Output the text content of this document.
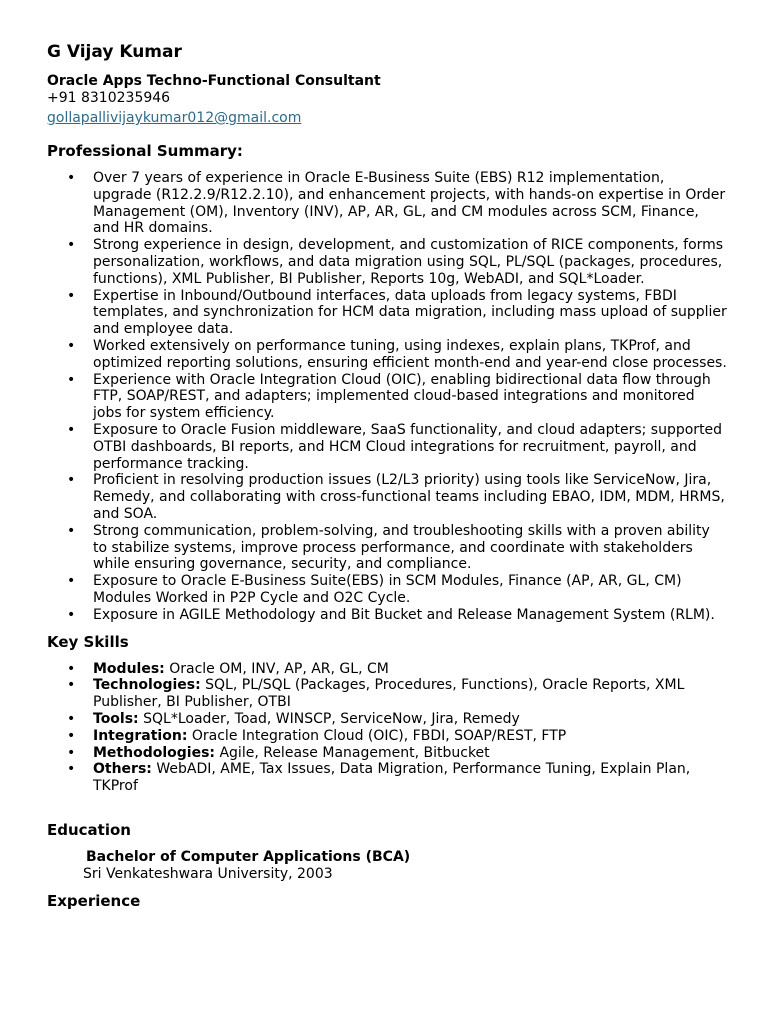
G Vijay Kumar
Oracle Apps Techno-Functional Consultant
+91 8310235946
gollapallivijaykumar012@gmail.com
Professional Summary:
• Over 7 years of experience in Oracle E-Business Suite (EBS) R12 implementation, upgrade (R12.2.9/R12.2.10), and enhancement projects, with hands-on expertise in Order Management (OM), Inventory (INV), AP, AR, GL, and CM modules across SCM, Finance, and HR domains.
• Strong experience in design, development, and customization of RICE components, forms personalization, workflows, and data migration using SQL, PL/SQL (packages, procedures, functions), XML Publisher, BI Publisher, Reports 10g, WebADI, and SQL*Loader.
• Expertise in Inbound/Outbound interfaces, data uploads from legacy systems, FBDI templates, and synchronization for HCM data migration, including mass upload of supplier and employee data.
• Worked extensively on performance tuning, using indexes, explain plans, TKProf, and optimized reporting solutions, ensuring efficient month-end and year-end close processes.
• Experience with Oracle Integration Cloud (OIC), enabling bidirectional data flow through FTP, SOAP/REST, and adapters; implemented cloud-based integrations and monitored jobs for system efficiency.
• Exposure to Oracle Fusion middleware, SaaS functionality, and cloud adapters; supported OTBI dashboards, BI reports, and HCM Cloud integrations for recruitment, payroll, and performance tracking.
• Proficient in resolving production issues (L2/L3 priority) using tools like ServiceNow, Jira, Remedy, and collaborating with cross-functional teams including EBAO, IDM, MDM, HRMS, and SOA.
• Strong communication, problem-solving, and troubleshooting skills with a proven ability to stabilize systems, improve process performance, and coordinate with stakeholders while ensuring governance, security, and compliance.
• Exposure to Oracle E-Business Suite(EBS) in SCM Modules, Finance (AP, AR, GL, CM) Modules Worked in P2P Cycle and O2C Cycle.
• Exposure in AGILE Methodology and Bit Bucket and Release Management System (RLM).
Key Skills
• Modules: Oracle OM, INV, AP, AR, GL, CM
• Technologies: SQL, PL/SQL (Packages, Procedures, Functions), Oracle Reports, XML Publisher, BI Publisher, OTBI
• Tools: SQL*Loader, Toad, WINSCP, ServiceNow, Jira, Remedy
• Integration: Oracle Integration Cloud (OIC), FBDI, SOAP/REST, FTP
• Methodologies: Agile, Release Management, Bitbucket
• Others: WebADI, AME, Tax Issues, Data Migration, Performance Tuning, Explain Plan, TKProf
Education
Bachelor of Computer Applications (BCA)
Sri Venkateshwara University, 2003
Experience
